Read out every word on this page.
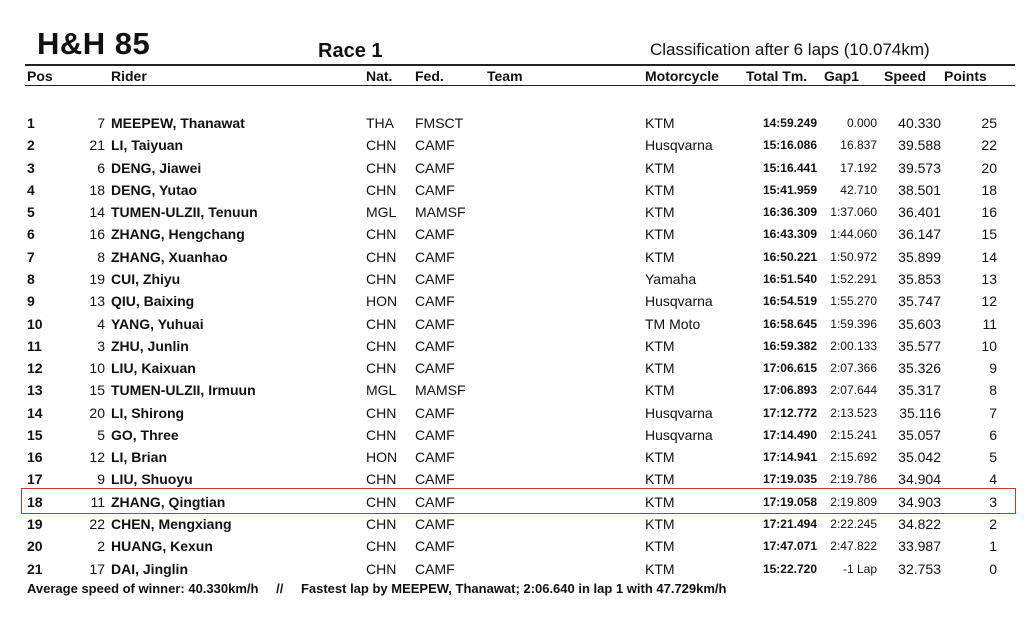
H&H 85	Race 1	Classification after 6 laps (10.074km)
Pos	Rider	Nat. Fed.	Team	Motorcycle Total Tm. Gap1 Speed Points
1	7 MEEPEW, Thanawat	THA FMSCT	KTM	14:59.249	0.000	40.330	25
2	21 LI, Taiyuan	CHN CAMF	Husqvarna	15:16.086	16.837	39.588	22
3	6 DENG, Jiawei	CHN CAMF	KTM	15:16.441	17.192	39.573	20
4	18 DENG, Yutao	CHN CAMF	KTM	15:41.959	42.710	38.501	18
5	14 TUMEN-ULZII, Tenuun	MGL MAMSF	KTM	16:36.309	1:37.060	36.401	16
6	16 ZHANG, Hengchang	CHN CAMF	KTM	16:43.309	1:44.060	36.147	15
7	8 ZHANG, Xuanhao	CHN CAMF	KTM	16:50.221	1:50.972	35.899	14
8	19 CUI, Zhiyu	CHN CAMF	Yamaha	16:51.540	1:52.291	35.853	13
9	13 QIU, Baixing	HON CAMF	Husqvarna	16:54.519	1:55.270	35.747	12
10	4 YANG, Yuhuai	CHN CAMF	TM Moto	16:58.645	1:59.396	35.603	11
11	3 ZHU, Junlin	CHN CAMF	KTM	16:59.382	2:00.133	35.577	10
12	10 LIU, Kaixuan	CHN CAMF	KTM	17:06.615	2:07.366	35.326	9
13	15 TUMEN-ULZII, Irmuun	MGL MAMSF	KTM	17:06.893	2:07.644	35.317	8
14	20 LI, Shirong	CHN CAMF	Husqvarna	17:12.772	2:13.523	35.116	7
15	5 GO, Three	CHN CAMF	Husqvarna	17:14.490	2:15.241	35.057	6
16	12 LI, Brian	HON CAMF	KTM	17:14.941	2:15.692	35.042	5
17	9 LIU, Shuoyu	CHN CAMF	KTM	17:19.035	2:19.786	34.904	4
18	11 ZHANG, Qingtian	CHN CAMF	KTM	17:19.058	2:19.809	34.903	3
19	22 CHEN, Mengxiang	CHN CAMF	KTM	17:21.494	2:22.245	34.822	2
20	2 HUANG, Kexun	CHN CAMF	KTM	17:47.071	2:47.822	33.987	1
21	17 DAI, Jinglin	CHN CAMF	KTM	15:22.720	-1 Lap	32.753	0
Average speed of winner: 40.330km/h // Fastest lap by MEEPEW, Thanawat; 2:06.640 in lap 1 with 47.729km/h
